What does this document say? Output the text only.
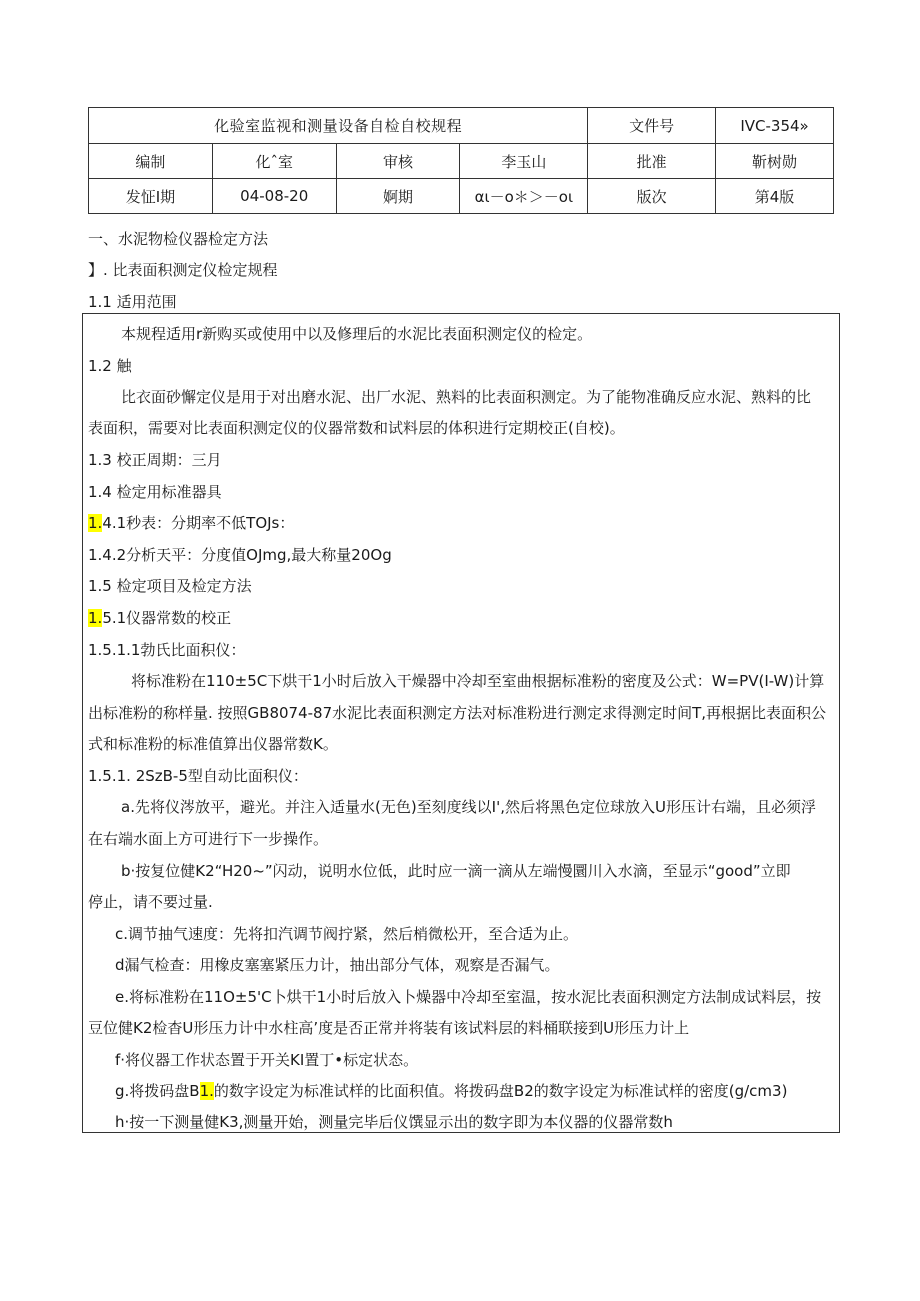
化验室监视和测量设备自检自校规程				文件号	IVC-354»
编制	化ˆ室	审核	李玉山	批准	靳树勋
发怔I期	04-08-20	婀期	αι－ο＊＞－οι	版次	第4版
一、水泥物检仪器检定方法
】. 比表面积测定仪检定规程
1.1 适用范围
本规程适用r新购买或使用中以及修理后的水泥比表面积测定仪的检定。
1.2 触
比衣面砂懈定仪是用于对出磨水泥、出厂水泥、熟料的比表面积测定。为了能物准确反应水泥、熟料的比
表面积，需要对比表面积测定仪的仪器常数和试料层的体积进行定期校正(自校)。
1.3 校正周期：三月
1.4 检定用标准器具
1.4.1秒表：分期率不低TOJs：
1.4.2分析天平：分度值OJmg,最大称量20Og
1.5 检定项目及检定方法
1.5.1仪器常数的校正
1.5.1.1勃氏比面积仪：
将标准粉在110±5C下烘干1小时后放入干燥器中冷却至室曲根据标准粉的密度及公式：W=PV(I-W)计算
出标准粉的称样量. 按照GB8074-87水泥比表面积测定方法对标准粉进行测定求得测定时间T,再根据比表面积公
式和标准粉的标准值算出仪器常数K。
1.5.1. 2SzB-5型自动比面积仪：
a.先将仪涔放平，避光。并注入适量水(无色)至刻度线以I',然后将黑色定位球放入U形压计右端，且必须浮
在右端水面上方可进行下一步操作。
b·按复位健K2“H20~”闪动，说明水位低，此时应一滴一滴从左端慢圜川入水滴，至显示“good”立即
停止，请不要过量.
c.调节抽气速度：先将扣汽调节阀拧紧，然后梢微松开，至合适为止。
d漏气检查：用橡皮塞塞紧压力计，抽出部分气体，观察是否漏气。
e.将标准粉在11O±5'C卜烘干1小时后放入卜燥器中冷却至室温，按水泥比表面积测定方法制成试料层，按
豆位健K2检杳U形压力计中水柱高’度是否正常并将装有该试料层的料桶联接到U形压力计上
f·将仪器工作状态置于开关KI置丁•标定状态。
g.将拨码盘B1.的数字设定为标准试样的比面积值。将拨码盘B2的数字设定为标准试样的密度(g/cm3)
h·按一下测量健K3,测量开始，测量完毕后仪馔显示出的数字即为本仪器的仪器常数h
